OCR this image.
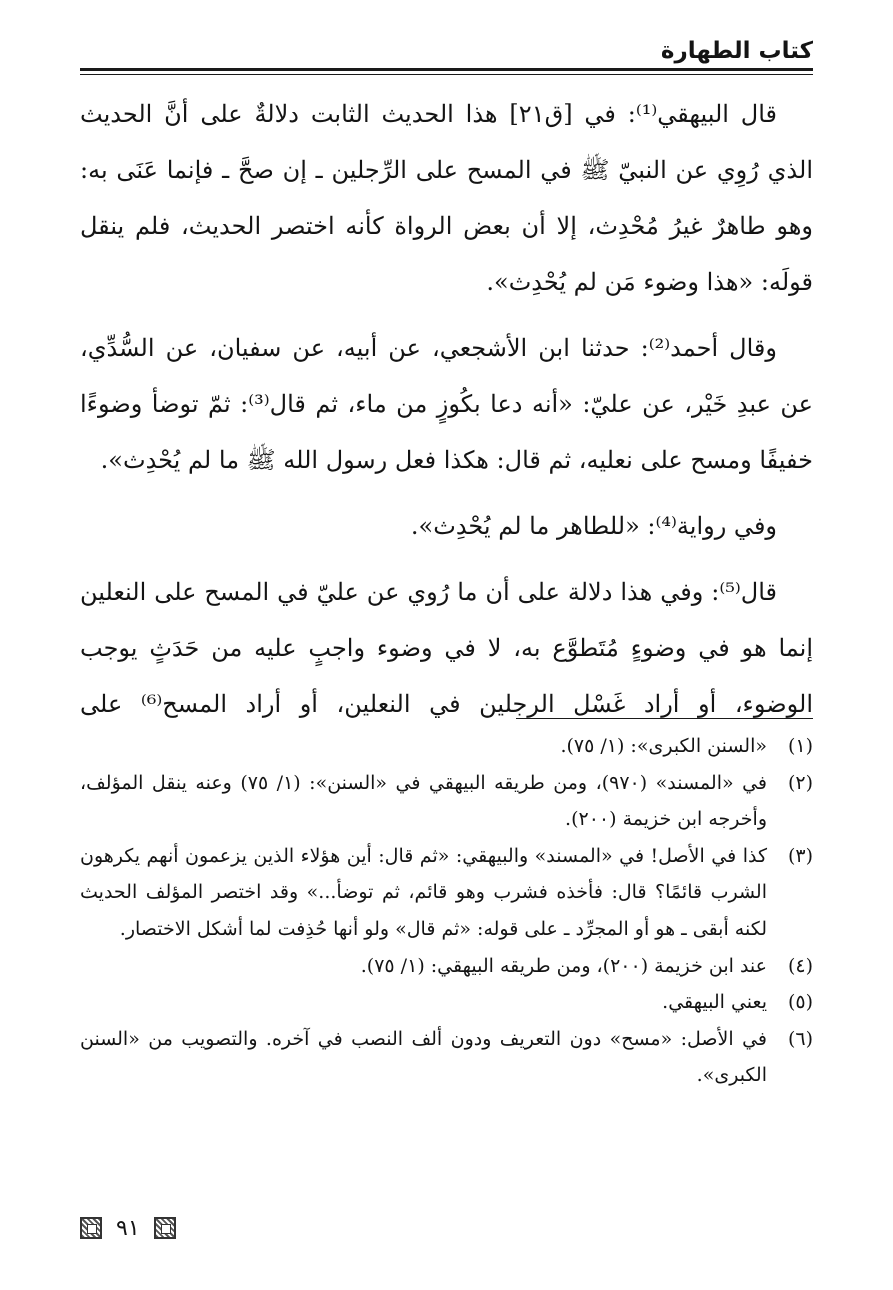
كتاب الطهارة

قال البيهقي⁽¹⁾: في [ق٢١] هذا الحديث الثابت دلالةٌ على أنَّ الحديث الذي رُوِي عن النبيّ ﷺ في المسح على الرِّجلين ـ إن صحَّ ـ فإنما عَنَى به: وهو طاهرٌ غيرُ مُحْدِث، إلا أن بعض الرواة كأنه اختصر الحديث، فلم ينقل قولَه: «هذا وضوء مَن لم يُحْدِث».

وقال أحمد⁽²⁾: حدثنا ابن الأشجعي، عن أبيه، عن سفيان، عن السُّدِّي، عن عبدِ خَيْر، عن عليّ: «أنه دعا بكُوزٍ من ماء، ثم قال⁽³⁾: ثمّ توضأ وضوءًا خفيفًا ومسح على نعليه، ثم قال: هكذا فعل رسول الله ﷺ ما لم يُحْدِث».

وفي رواية⁽⁴⁾: «للطاهر ما لم يُحْدِث».

قال⁽⁵⁾: وفي هذا دلالة على أن ما رُوي عن عليّ في المسح على النعلين إنما هو في وضوءٍ مُتَطوَّع به، لا في وضوء واجبٍ عليه من حَدَثٍ يوجب الوضوء، أو أراد غَسْل الرجلين في النعلين، أو أراد المسح⁽⁶⁾ على

(١)
«السنن الكبرى»: (١/ ٧٥).
(٢)
في «المسند» (٩٧٠)، ومن طريقه البيهقي في «السنن»: (١/ ٧٥) وعنه ينقل المؤلف، وأخرجه ابن خزيمة (٢٠٠).
(٣)
كذا في الأصل! في «المسند» والبيهقي: «ثم قال: أين هؤلاء الذين يزعمون أنهم يكرهون الشرب قائمًا؟ قال: فأخذه فشرب وهو قائم، ثم توضأ...» وقد اختصر المؤلف الحديث لكنه أبقى ـ هو أو المجرِّد ـ على قوله: «ثم قال» ولو أنها حُذِفت لما أشكل الاختصار.
(٤)
عند ابن خزيمة (٢٠٠)، ومن طريقه البيهقي: (١/ ٧٥).
(٥)
يعني البيهقي.
(٦)
في الأصل: «مسح» دون التعريف ودون ألف النصب في آخره. والتصويب من «السنن الكبرى».
٩١
